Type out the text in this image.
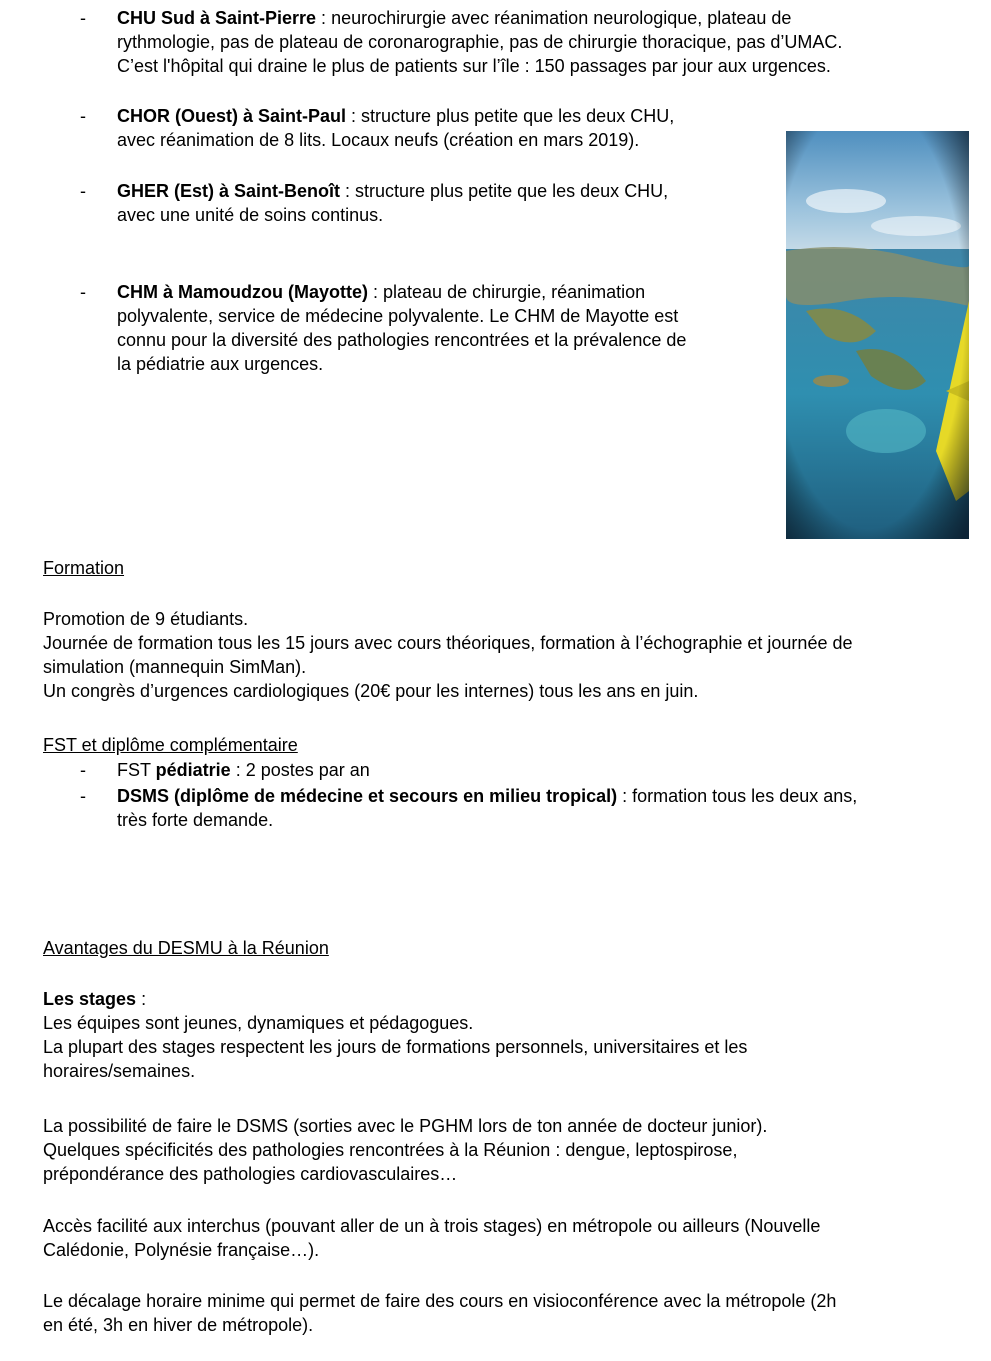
-	CHU Sud à Saint-Pierre : neurochirurgie avec réanimation neurologique, plateau de
rythmologie, pas de plateau de coronarographie, pas de chirurgie thoracique, pas d’UMAC.
C’est l'hôpital qui draine le plus de patients sur l’île : 150 passages par jour aux urgences.
-	CHOR (Ouest) à Saint-Paul : structure plus petite que les deux CHU,
avec réanimation de 8 lits. Locaux neufs (création en mars 2019).
-	GHER (Est) à Saint-Benoît : structure plus petite que les deux CHU,
avec une unité de soins continus.
-	CHM à Mamoudzou (Mayotte) : plateau de chirurgie, réanimation
polyvalente, service de médecine polyvalente. Le CHM de Mayotte est
connu pour la diversité des pathologies rencontrées et la prévalence de
la pédiatrie aux urgences.
Formation
Promotion de 9 étudiants.
Journée de formation tous les 15 jours avec cours théoriques, formation à l’échographie et journée de
simulation (mannequin SimMan).
Un congrès d’urgences cardiologiques (20€ pour les internes) tous les ans en juin.
FST et diplôme complémentaire
-	FST pédiatrie : 2 postes par an
-	DSMS (diplôme de médecine et secours en milieu tropical) : formation tous les deux ans,
très forte demande.
Avantages du DESMU à la Réunion
Les stages :
Les équipes sont jeunes, dynamiques et pédagogues.
La plupart des stages respectent les jours de formations personnels, universitaires et les
horaires/semaines.
La possibilité de faire le DSMS (sorties avec le PGHM lors de ton année de docteur junior).
Quelques spécificités des pathologies rencontrées à la Réunion : dengue, leptospirose,
prépondérance des pathologies cardiovasculaires…
Accès facilité aux interchus (pouvant aller de un à trois stages) en métropole ou ailleurs (Nouvelle
Calédonie, Polynésie française…).
Le décalage horaire minime qui permet de faire des cours en visioconférence avec la métropole (2h
en été, 3h en hiver de métropole).
